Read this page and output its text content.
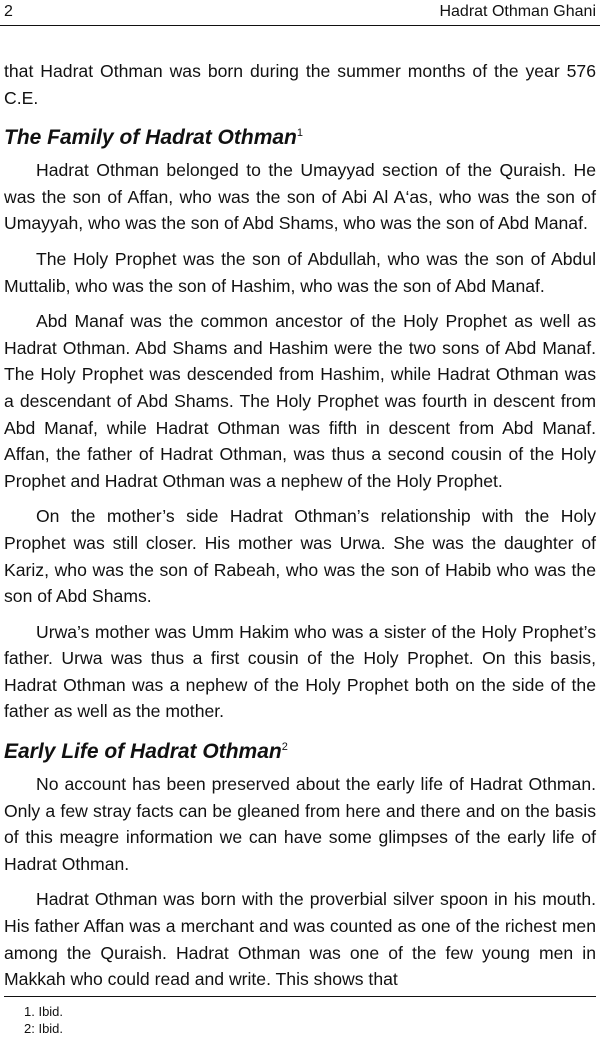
2	Hadrat Othman Ghani

that Hadrat Othman was born during the summer months of the year 576 C.E.

The Family of Hadrat Othman$^1$

Hadrat Othman belonged to the Umayyad section of the Quraish. He was the son of Affan, who was the son of Abi Al A‘as, who was the son of Umayyah, who was the son of Abd Shams, who was the son of Abd Manaf.

The Holy Prophet was the son of Abdullah, who was the son of Abdul Muttalib, who was the son of Hashim, who was the son of Abd Manaf.

Abd Manaf was the common ancestor of the Holy Prophet as well as Hadrat Othman. Abd Shams and Hashim were the two sons of Abd Manaf. The Holy Prophet was descended from Hashim, while Hadrat Othman was a descendant of Abd Shams. The Holy Prophet was fourth in descent from Abd Manaf, while Hadrat Othman was fifth in descent from Abd Manaf. Affan, the father of Hadrat Othman, was thus a second cousin of the Holy Prophet and Hadrat Othman was a nephew of the Holy Prophet.

On the mother’s side Hadrat Othman’s relationship with the Holy Prophet was still closer. His mother was Urwa. She was the daughter of Kariz, who was the son of Rabeah, who was the son of Habib who was the son of Abd Shams.

Urwa’s mother was Umm Hakim who was a sister of the Holy Prophet’s father. Urwa was thus a first cousin of the Holy Prophet. On this basis, Hadrat Othman was a nephew of the Holy Prophet both on the side of the father as well as the mother.

Early Life of Hadrat Othman$^2$

No account has been preserved about the early life of Hadrat Othman. Only a few stray facts can be gleaned from here and there and on the basis of this meagre information we can have some glimpses of the early life of Hadrat Othman.

Hadrat Othman was born with the proverbial silver spoon in his mouth. His father Affan was a merchant and was counted as one of the richest men among the Quraish. Hadrat Othman was one of the few young men in Makkah who could read and write. This shows that

1. Ibid.
2: Ibid.
